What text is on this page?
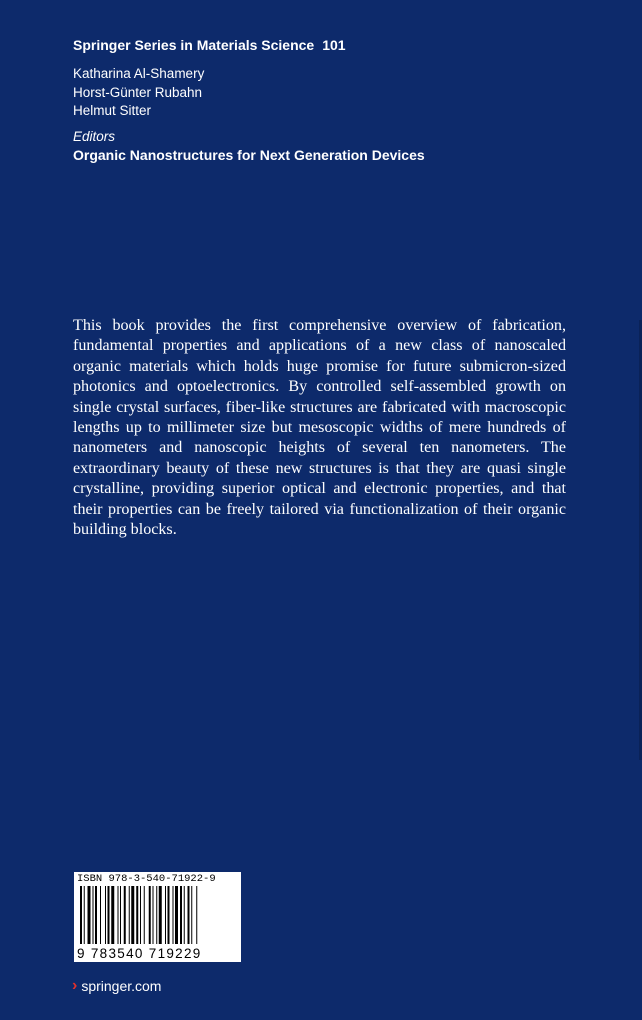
Springer Series in Materials Science 101
Katharina Al-Shamery
Horst-Günter Rubahn
Helmut Sitter
Editors
Organic Nanostructures for Next Generation Devices

This book provides the first comprehensive overview of fabrication, fundamental properties and applications of a new class of nanoscaled organic materials which holds huge promise for future submicron-sized photonics and optoelectronics. By controlled self-assembled growth on single crystal surfaces, fiber-like structures are fabricated with macroscopic lengths up to millimeter size but mesoscopic widths of mere hundreds of nanometers and nanoscopic heights of several ten nanometers. The extraordinary beauty of these new structures is that they are quasi single crystalline, providing superior optical and electronic properties, and that their properties can be freely tailored via functionalization of their organic building blocks.

ISBN 978-3-540-71922-9
9 783540 719229
› springer.com
